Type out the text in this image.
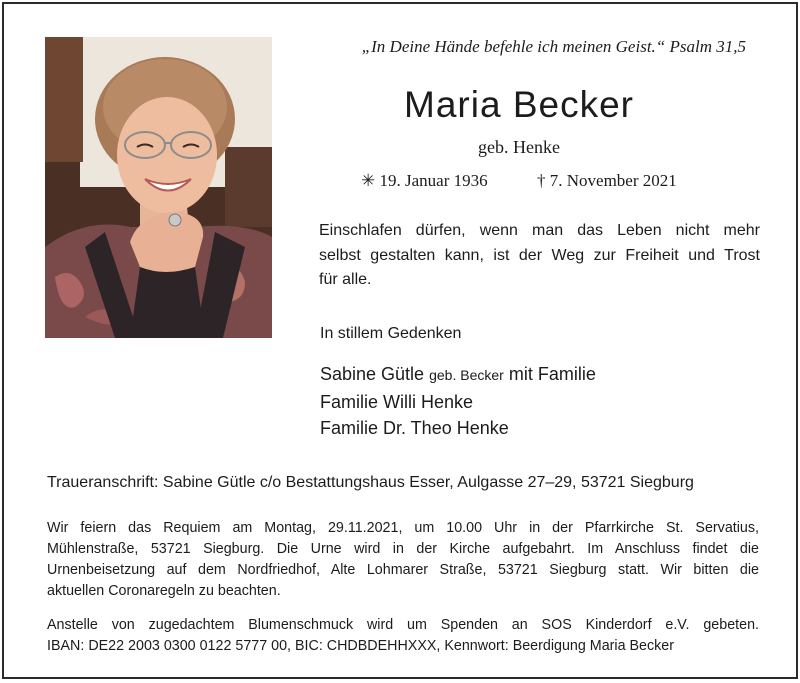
„In Deine Hände befehle ich meinen Geist.“ Psalm 31,5
Maria Becker
geb. Henke
✳ 19. Januar 1936	† 7. November 2021
Einschlafen dürfen, wenn man das Leben nicht mehr
selbst gestalten kann, ist der Weg zur Freiheit und Trost
für alle.
In stillem Gedenken
Sabine Gütle geb. Becker mit Familie
Familie Willi Henke
Familie Dr. Theo Henke
Traueranschrift: Sabine Gütle c/o Bestattungshaus Esser, Aulgasse 27–29, 53721 Siegburg
Wir feiern das Requiem am Montag, 29.11.2021, um 10.00 Uhr in der Pfarrkirche St. Servatius,
Mühlenstraße, 53721 Siegburg. Die Urne wird in der Kirche aufgebahrt. Im Anschluss findet die
Urnenbeisetzung auf dem Nordfriedhof, Alte Lohmarer Straße, 53721 Siegburg statt. Wir bitten die
aktuellen Coronaregeln zu beachten.
Anstelle von zugedachtem Blumenschmuck wird um Spenden an SOS Kinderdorf e.V. gebeten.
IBAN: DE22 2003 0300 0122 5777 00, BIC: CHDBDEHHXXX, Kennwort: Beerdigung Maria Becker
